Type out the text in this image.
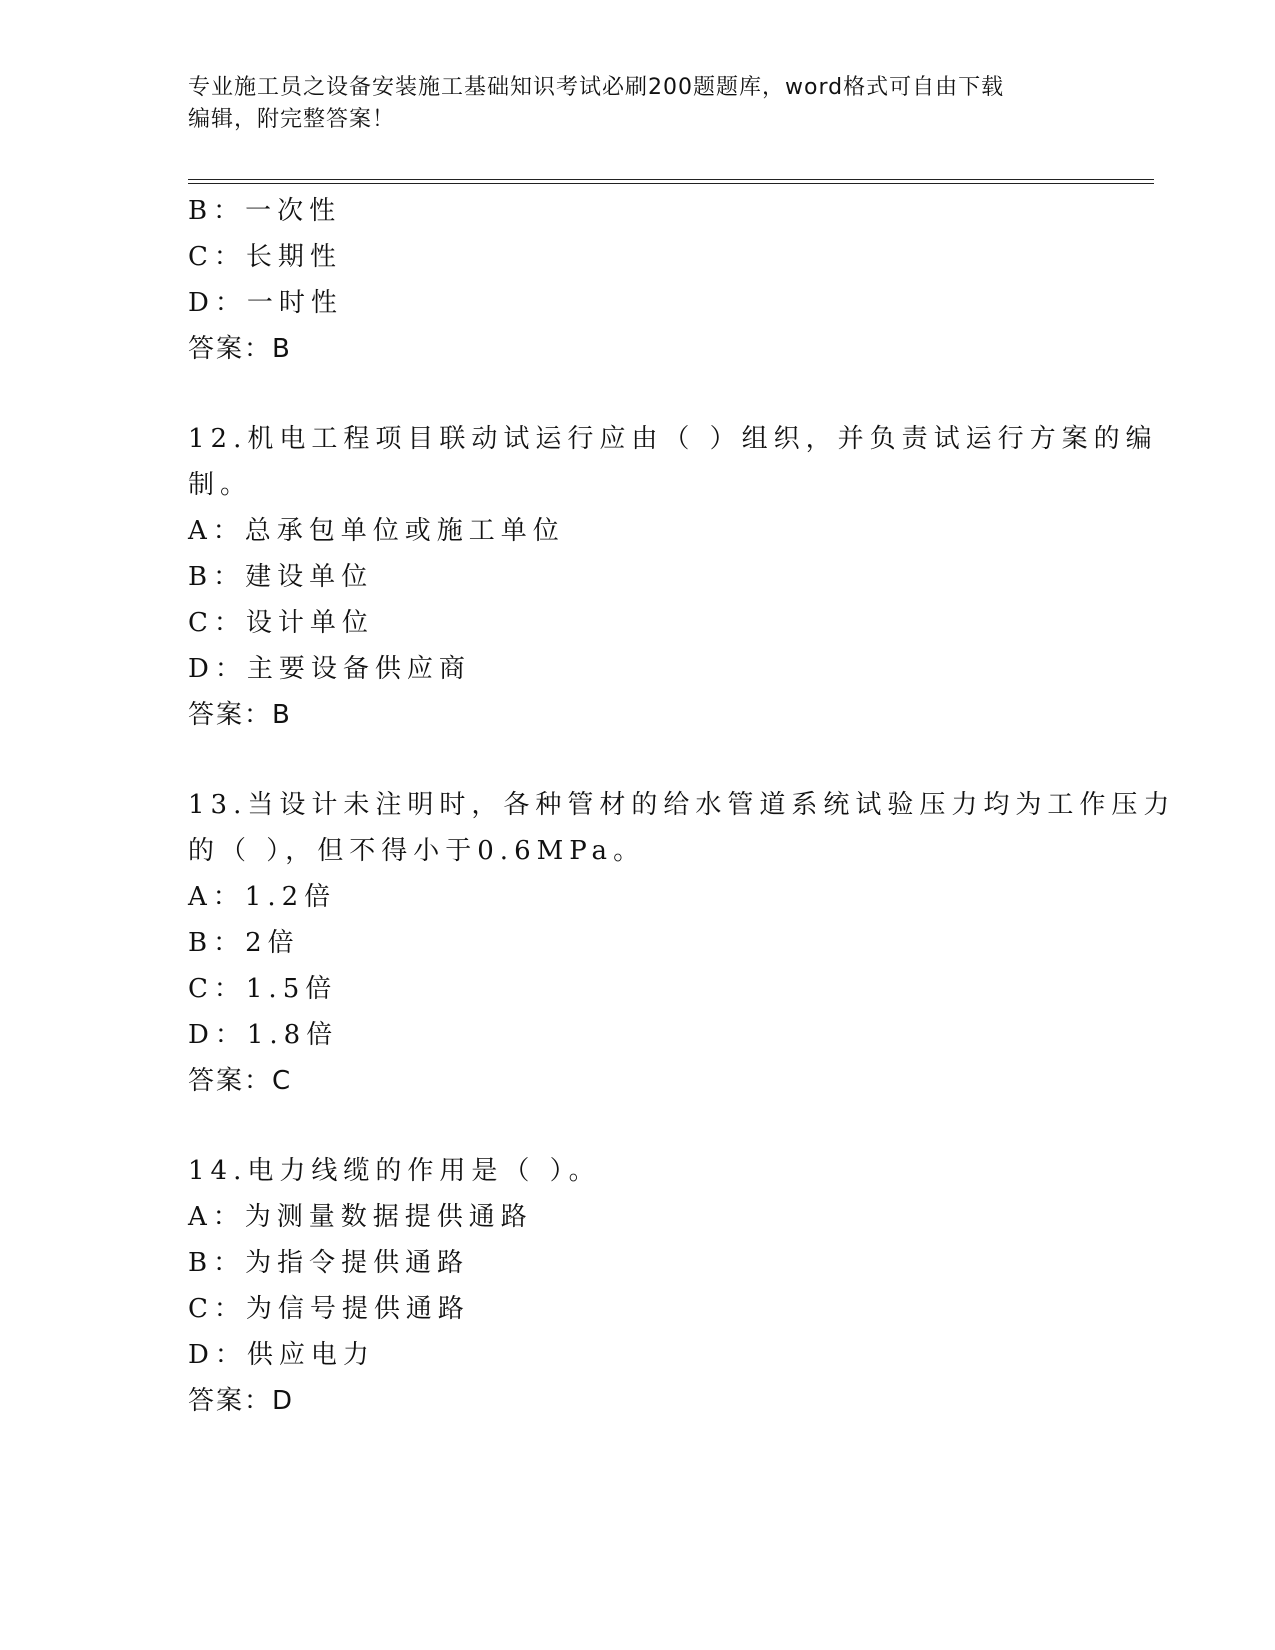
专业施工员之设备安装施工基础知识考试必刷200题题库，word格式可自由下载
编辑，附完整答案！
B：一次性
C：长期性
D：一时性
答案：B
12.机电工程项目联动试运行应由（ ）组织，并负责试运行方案的编
制。
A：总承包单位或施工单位
B：建设单位
C：设计单位
D：主要设备供应商
答案：B
13.当设计未注明时，各种管材的给水管道系统试验压力均为工作压力
的（ ），但不得小于0.6MPa。
A：1.2倍
B：2倍
C：1.5倍
D：1.8倍
答案：C
14.电力线缆的作用是（ ）。
A：为测量数据提供通路
B：为指令提供通路
C：为信号提供通路
D：供应电力
答案：D
